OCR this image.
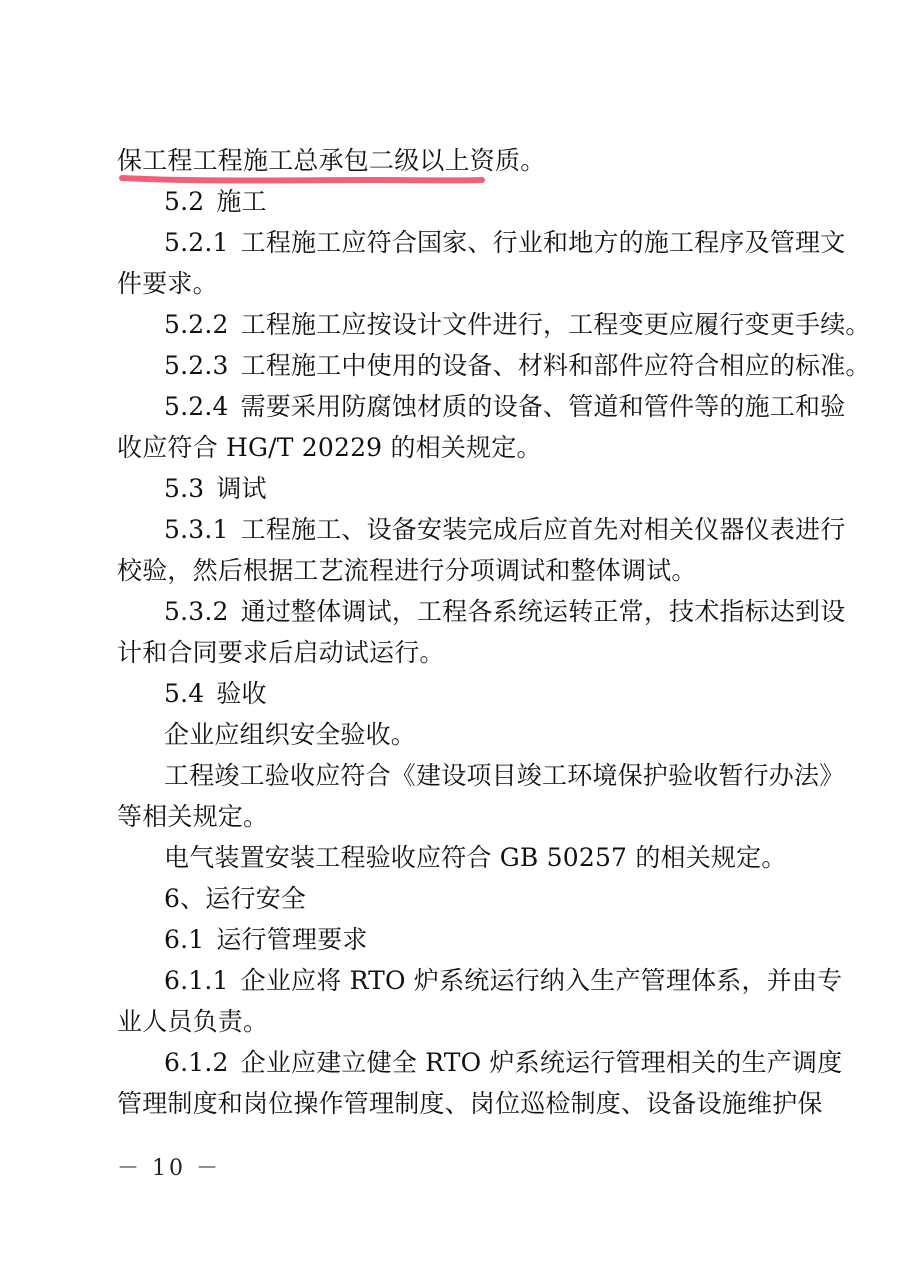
保工程工程施工总承包二级以上资质。
5.2 施工
5.2.1 工程施工应符合国家、行业和地方的施工程序及管理文
件要求。
5.2.2 工程施工应按设计文件进行，工程变更应履行变更手续。
5.2.3 工程施工中使用的设备、材料和部件应符合相应的标准。
5.2.4 需要采用防腐蚀材质的设备、管道和管件等的施工和验
收应符合 HG/T 20229 的相关规定。
5.3 调试
5.3.1 工程施工、设备安装完成后应首先对相关仪器仪表进行
校验，然后根据工艺流程进行分项调试和整体调试。
5.3.2 通过整体调试，工程各系统运转正常，技术指标达到设
计和合同要求后启动试运行。
5.4 验收
企业应组织安全验收。
工程竣工验收应符合《建设项目竣工环境保护验收暂行办法》
等相关规定。
电气装置安装工程验收应符合 GB 50257 的相关规定。
6、运行安全
6.1 运行管理要求
6.1.1 企业应将 RTO 炉系统运行纳入生产管理体系，并由专
业人员负责。
6.1.2 企业应建立健全 RTO 炉系统运行管理相关的生产调度
管理制度和岗位操作管理制度、岗位巡检制度、设备设施维护保
－ 10 －
